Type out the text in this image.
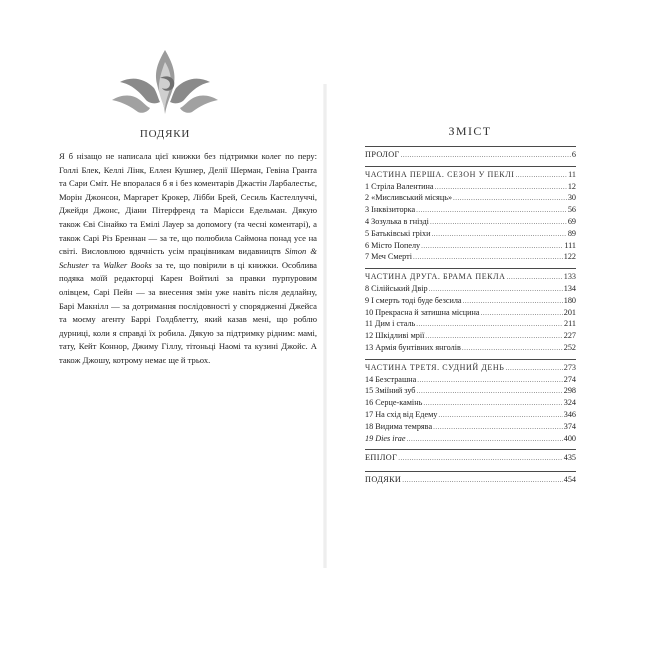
ПОДЯКИ

Я б нізащо не написала цієї книжки без підтримки колег по перу: Голлі Блек, Келлі Лінк, Еллен Кушнер, Делії Шерман, Гевіна Гранта та Сари Сміт. Не впоралася б я і без коментарів Джастін Ларбалестьє, Морін Джонсон, Маргарет Крокер, Лібби Брей, Сесиль Кастеллуччі, Джейди Джонс, Діани Пітерфренд та Марісси Едельман. Дякую також Єві Сінайко та Емілі Лауер за допомогу (та чесні коментарі), а також Сарі Різ Бреннан — за те, що полюбила Саймона понад усе на світі. Висловлюю вдячність усім працівникам видавництв Simon & Schuster та Walker Books за те, що повірили в ці книжки. Особлива подяка моїй редакторці Карен Войтилі за правки пурпуровим олівцем, Сарі Пейн — за внесення змін уже навіть після дедлайну, Барі Макнілл — за дотримання послідовності у спорядженні Джейса та моєму агенту Баррі Голдблетту, який казав мені, що роблю дурниці, коли я справді їх робила. Дякую за підтримку рідним: мамі, тату, Кейт Коннор, Джиму Гіллу, тітоньці Наомі та кузині Джойс. А також Джошу, котрому немає ще й трьох.

ЗМІСТ
ПРОЛОГ .....	6
ЧАСТИНА ПЕРША. СЕЗОН У ПЕКЛІ .....	11
1 Стріла Валентина .....	12
2 «Мисливський місяць» .....	30
3 Інквізиторка .....	56
4 Зозулька в гнізді .....	69
5 Батьківські гріхи .....	89
6 Місто Попелу .....	111
7 Меч Смерті .....	122
ЧАСТИНА ДРУГА. БРАМА ПЕКЛА .....	133
8 Сілійський Двір .....	134
9 І смерть тоді буде безсила .....	180
10 Прекрасна й затишна місцина .....	201
11 Дим і сталь .....	211
12 Шкідливі мрії .....	227
13 Армія бунтівних янголів .....	252
ЧАСТИНА ТРЕТЯ. СУДНИЙ ДЕНЬ .....	273
14 Безстрашна .....	274
15 Зміїний зуб .....	298
16 Серце-камінь .....	324
17 На схід від Едему .....	346
18 Видима темрява .....	374
19 Dies irae .....	400
ЕПІЛОГ .....	435
ПОДЯКИ .....	454
